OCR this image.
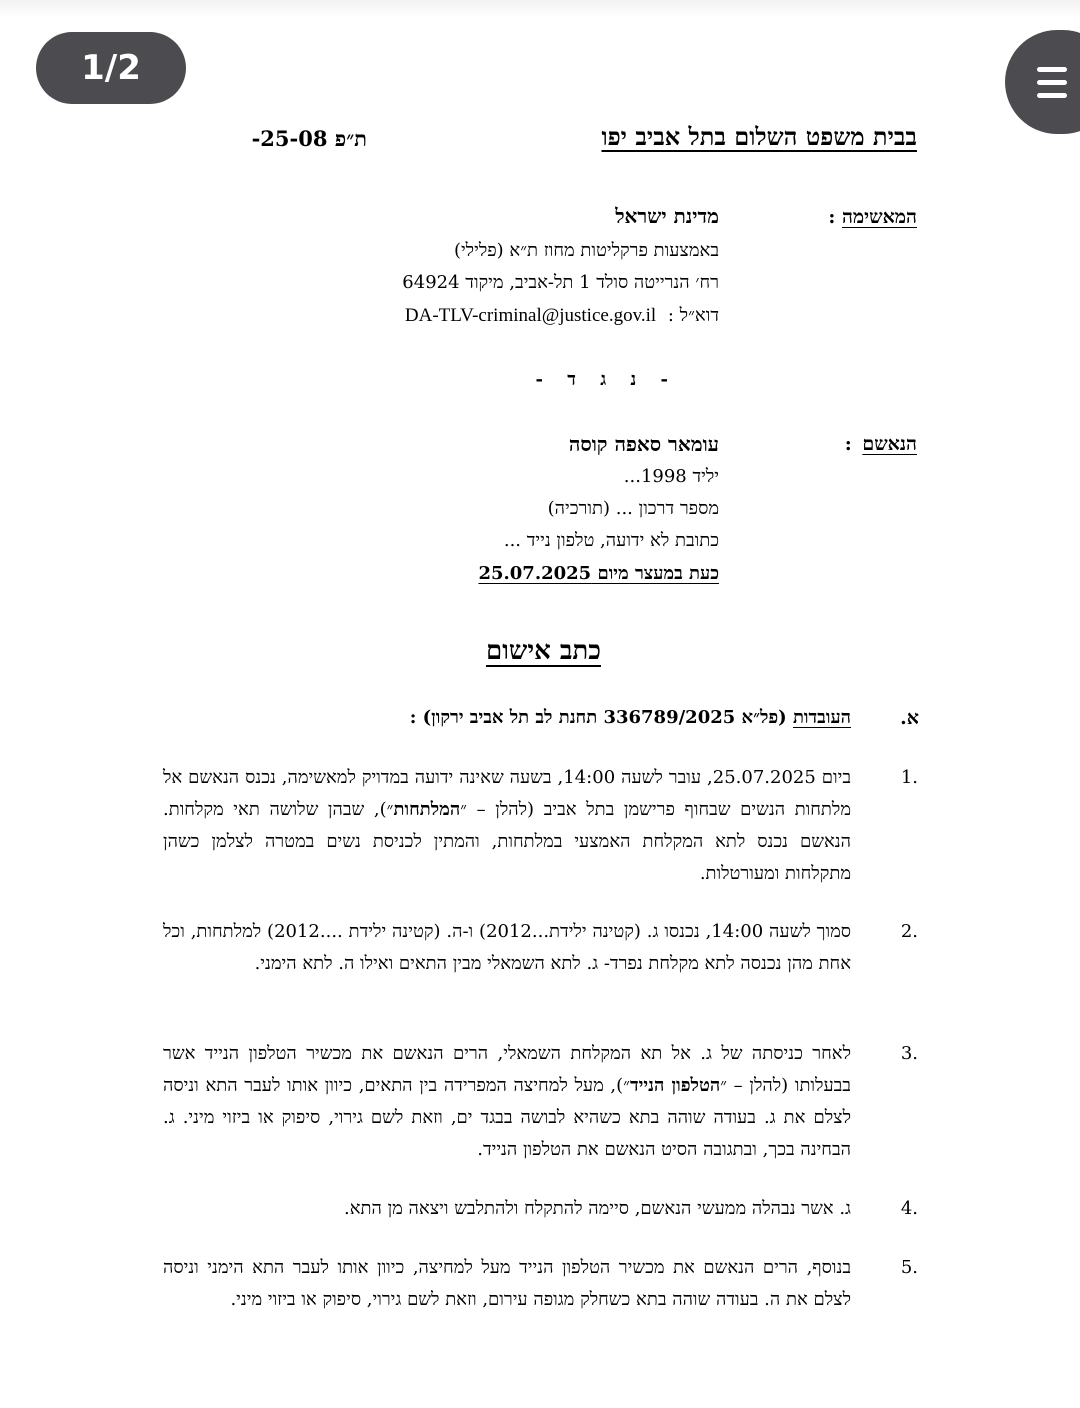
בבית משפט השלום בתל אביב יפו
ת״פ 25-08-
המאשימה :
מדינת ישראל
באמצעות פרקליטות מחוז ת״א (פלילי)
רח׳ הנרייטה סולד 1 תל-אביב, מיקוד 64924
דוא״ל : DA-TLV-criminal@justice.gov.il
- נ ג ד -
הנאשם :
עומאר סאפה קוסה
יליד 1998...
מספר דרכון ... (תורכיה)
כתובת לא ידועה, טלפון נייד ...
כעת במעצר מיום 25.07.2025
כתב אישום
א.
העובדות (פל״א 336789/2025 תחנת לב תל אביב ירקון) :
1.
ביום 25.07.2025, עובר לשעה 14:00, בשעה שאינה ידועה במדויק למאשימה, נכנס הנאשם אל מלתחות הנשים שבחוף פרישמן בתל אביב (להלן – ״המלתחות״), שבהן שלושה תאי מקלחות. הנאשם נכנס לתא המקלחת האמצעי במלתחות, והמתין לכניסת נשים במטרה לצלמן כשהן מתקלחות ומעורטלות.
2.
סמוך לשעה 14:00, נכנסו ג. (קטינה ילידת...2012) ו-ה. (קטינה ילידת ....2012) למלתחות, וכל אחת מהן נכנסה לתא מקלחת נפרד- ג. לתא השמאלי מבין התאים ואילו ה. לתא הימני.
3.
לאחר כניסתה של ג. אל תא המקלחת השמאלי, הרים הנאשם את מכשיר הטלפון הנייד אשר בבעלותו (להלן – ״הטלפון הנייד״), מעל למחיצה המפרידה בין התאים, כיוון אותו לעבר התא וניסה לצלם את ג. בעודה שוהה בתא כשהיא לבושה בבגד ים, וזאת לשם גירוי, סיפוק או ביזוי מיני. ג. הבחינה בכך, ובתגובה הסיט הנאשם את הטלפון הנייד.
4.
ג. אשר נבהלה ממעשי הנאשם, סיימה להתקלח ולהתלבש ויצאה מן התא.
5.
בנוסף, הרים הנאשם את מכשיר הטלפון הנייד מעל למחיצה, כיוון אותו לעבר התא הימני וניסה לצלם את ה. בעודה שוהה בתא כשחלק מגופה עירום, וזאת לשם גירוי, סיפוק או ביזוי מיני.
1/2
